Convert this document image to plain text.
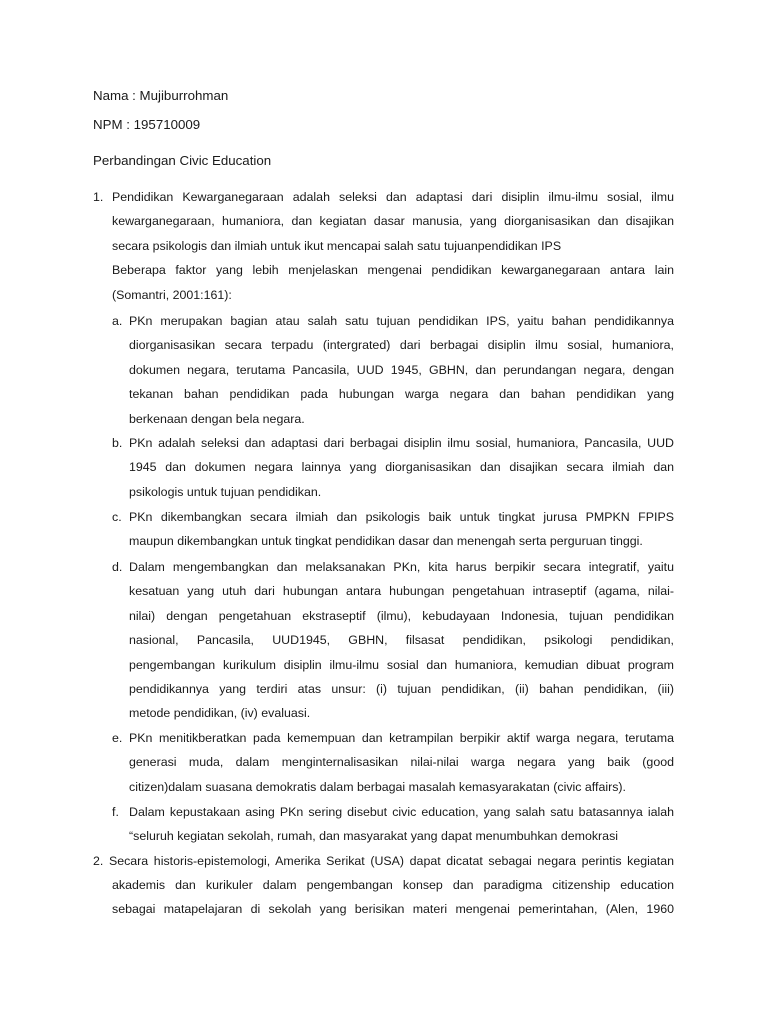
Nama : Mujiburrohman
NPM : 195710009
Perbandingan Civic Education
1. Pendidikan Kewarganegaraan adalah seleksi dan adaptasi dari disiplin ilmu-ilmu sosial, ilmu
kewarganegaraan, humaniora, dan kegiatan dasar manusia, yang diorganisasikan dan disajikan
secara psikologis dan ilmiah untuk ikut mencapai salah satu tujuanpendidikan IPS
Beberapa faktor yang lebih menjelaskan mengenai pendidikan kewarganegaraan antara lain
(Somantri, 2001:161):
a. PKn merupakan bagian atau salah satu tujuan pendidikan IPS, yaitu bahan pendidikannya
diorganisasikan secara terpadu (intergrated) dari berbagai disiplin ilmu sosial, humaniora,
dokumen negara, terutama Pancasila, UUD 1945, GBHN, dan perundangan negara, dengan
tekanan bahan pendidikan pada hubungan warga negara dan bahan pendidikan yang
berkenaan dengan bela negara.
b. PKn adalah seleksi dan adaptasi dari berbagai disiplin ilmu sosial, humaniora, Pancasila, UUD
1945 dan dokumen negara lainnya yang diorganisasikan dan disajikan secara ilmiah dan
psikologis untuk tujuan pendidikan.
c. PKn dikembangkan secara ilmiah dan psikologis baik untuk tingkat jurusa PMPKN FPIPS
maupun dikembangkan untuk tingkat pendidikan dasar dan menengah serta perguruan tinggi.
d. Dalam mengembangkan dan melaksanakan PKn, kita harus berpikir secara integratif, yaitu
kesatuan yang utuh dari hubungan antara hubungan pengetahuan intraseptif (agama, nilai-
nilai) dengan pengetahuan ekstraseptif (ilmu), kebudayaan Indonesia, tujuan pendidikan
nasional, Pancasila, UUD1945, GBHN, filsasat pendidikan, psikologi pendidikan,
pengembangan kurikulum disiplin ilmu-ilmu sosial dan humaniora, kemudian dibuat program
pendidikannya yang terdiri atas unsur: (i) tujuan pendidikan, (ii) bahan pendidikan, (iii)
metode pendidikan, (iv) evaluasi.
e. PKn menitikberatkan pada kemempuan dan ketrampilan berpikir aktif warga negara, terutama
generasi muda, dalam menginternalisasikan nilai-nilai warga negara yang baik (good
citizen)dalam suasana demokratis dalam berbagai masalah kemasyarakatan (civic affairs).
f. Dalam kepustakaan asing PKn sering disebut civic education, yang salah satu batasannya ialah
“seluruh kegiatan sekolah, rumah, dan masyarakat yang dapat menumbuhkan demokrasi
2. Secara historis-epistemologi, Amerika Serikat (USA) dapat dicatat sebagai negara perintis kegiatan
akademis dan kurikuler dalam pengembangan konsep dan paradigma citizenship education
sebagai matapelajaran di sekolah yang berisikan materi mengenai pemerintahan, (Alen, 1960
